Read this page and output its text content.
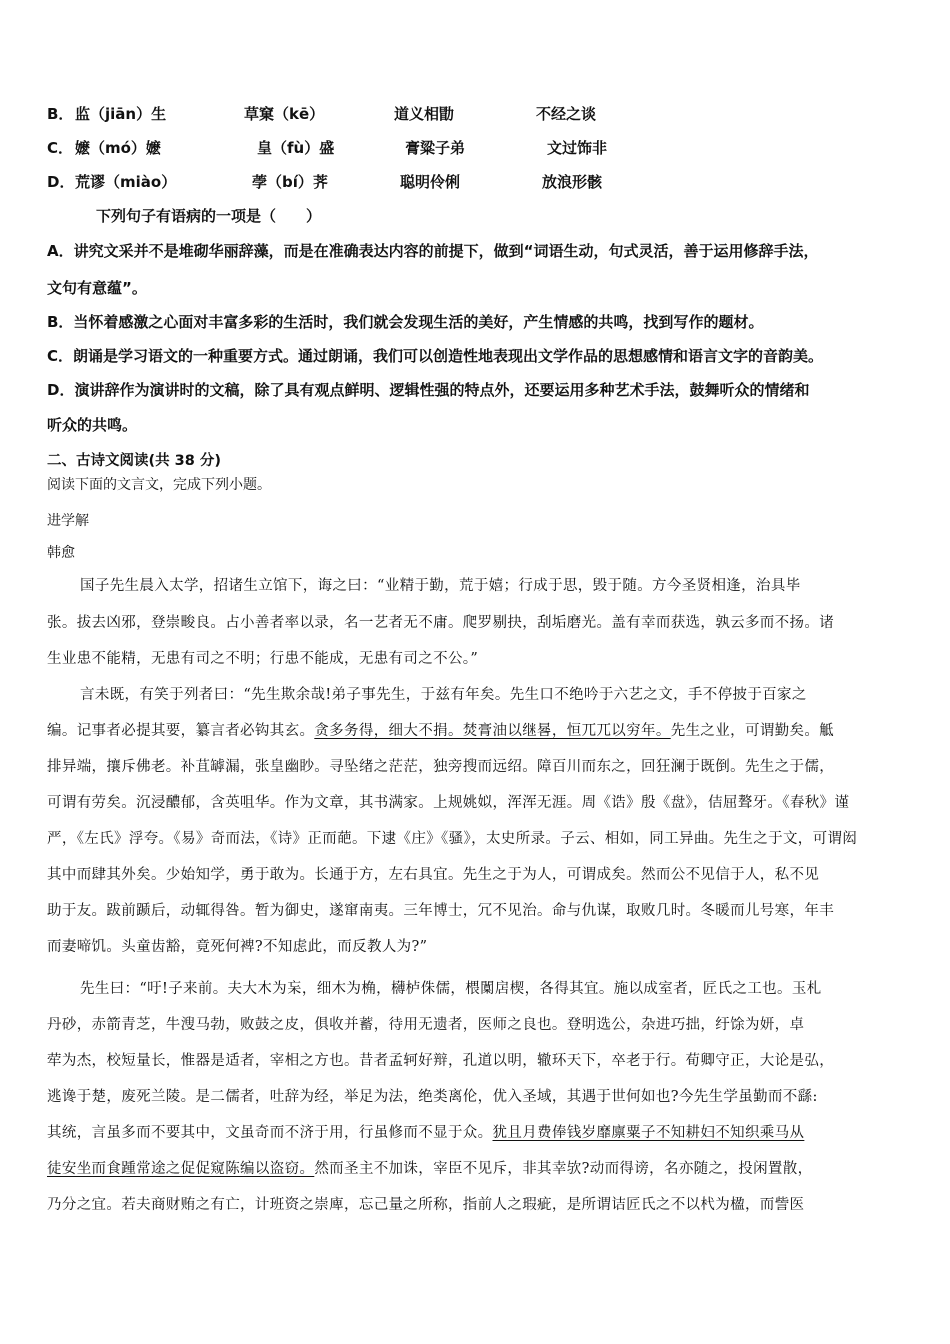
B． 监（jiān）生	草窠（kē）	道义相勖	不经之谈
C． 嬷（mó）嬷	皇（fù）盛	膏粱子弟	文过饰非
D． 荒谬（miào）	荸（bí）荠	聪明伶俐	放浪形骸
下列句子有语病的一项是（　　）
A．讲究文采并不是堆砌华丽辞藻，而是在准确表达内容的前提下，做到“词语生动，句式灵活，善于运用修辞手法，
文句有意蕴”。
B．当怀着感激之心面对丰富多彩的生活时，我们就会发现生活的美好，产生情感的共鸣，找到写作的题材。
C．朗诵是学习语文的一种重要方式。通过朗诵，我们可以创造性地表现出文学作品的思想感情和语言文字的音韵美。
D．演讲辞作为演讲时的文稿，除了具有观点鲜明、逻辑性强的特点外，还要运用多种艺术手法，鼓舞听众的情绪和
听众的共鸣。
二、古诗文阅读(共 38 分)
阅读下面的文言文，完成下列小题。
进学解
韩愈
国子先生晨入太学，招诸生立馆下，诲之曰：“业精于勤，荒于嬉；行成于思，毁于随。方今圣贤相逢，治具毕
张。拔去凶邪，登崇畯良。占小善者率以录，名一艺者无不庸。爬罗剔抉，刮垢磨光。盖有幸而获选，孰云多而不扬。诸
生业患不能精，无患有司之不明；行患不能成，无患有司之不公。”
言未既，有笑于列者曰：“先生欺余哉!弟子事先生，于兹有年矣。先生口不绝吟于六艺之文，手不停披于百家之
编。记事者必提其要，纂言者必钩其玄。贪多务得，细大不捐。焚膏油以继晷，恒兀兀以穷年。先生之业，可谓勤矣。觝
排异端，攘斥佛老。补苴罅漏，张皇幽眇。寻坠绪之茫茫，独旁搜而远绍。障百川而东之，回狂澜于既倒。先生之于儒，
可谓有劳矣。沉浸醲郁，含英咀华。作为文章，其书满家。上规姚姒，浑浑无涯。周《诰》殷《盘》，佶屈聱牙。《春秋》谨
严，《左氏》浮夸。《易》奇而法，《诗》正而葩。下逮《庄》《骚》，太史所录。子云、相如，同工异曲。先生之于文，可谓闳
其中而肆其外矣。少始知学，勇于敢为。长通于方，左右具宜。先生之于为人，可谓成矣。然而公不见信于人，私不见
助于友。跋前踬后，动辄得咎。暂为御史，遂窜南夷。三年博士，冗不见治。命与仇谋，取败几时。冬暖而儿号寒，年丰
而妻啼饥。头童齿豁，竟死何裨?不知虑此，而反教人为?”
先生曰：“吁!子来前。夫大木为杗，细木为桷，欂栌侏儒，椳闑扂楔，各得其宜。施以成室者，匠氏之工也。玉札
丹砂，赤箭青芝，牛溲马勃，败鼓之皮，俱收并蓄，待用无遗者，医师之良也。登明选公，杂进巧拙，纡馀为妍，卓
荦为杰，校短量长，惟器是适者，宰相之方也。昔者孟轲好辩，孔道以明，辙环天下，卒老于行。荀卿守正，大论是弘，
逃谗于楚，废死兰陵。是二儒者，吐辞为经，举足为法，绝类离伦，优入圣域，其遇于世何如也?今先生学虽勤而不繇:
其统，言虽多而不要其中，文虽奇而不济于用，行虽修而不显于众。犹且月费俸钱岁靡廪粟子不知耕妇不知织乘马从
徒安坐而食踵常途之促促窥陈编以盗窃。然而圣主不加诛，宰臣不见斥，非其幸欤?动而得谤，名亦随之，投闲置散，
乃分之宜。若夫商财贿之有亡，计班资之崇庳，忘己量之所称，指前人之瑕疵，是所谓诘匠氏之不以杙为楹，而訾医
